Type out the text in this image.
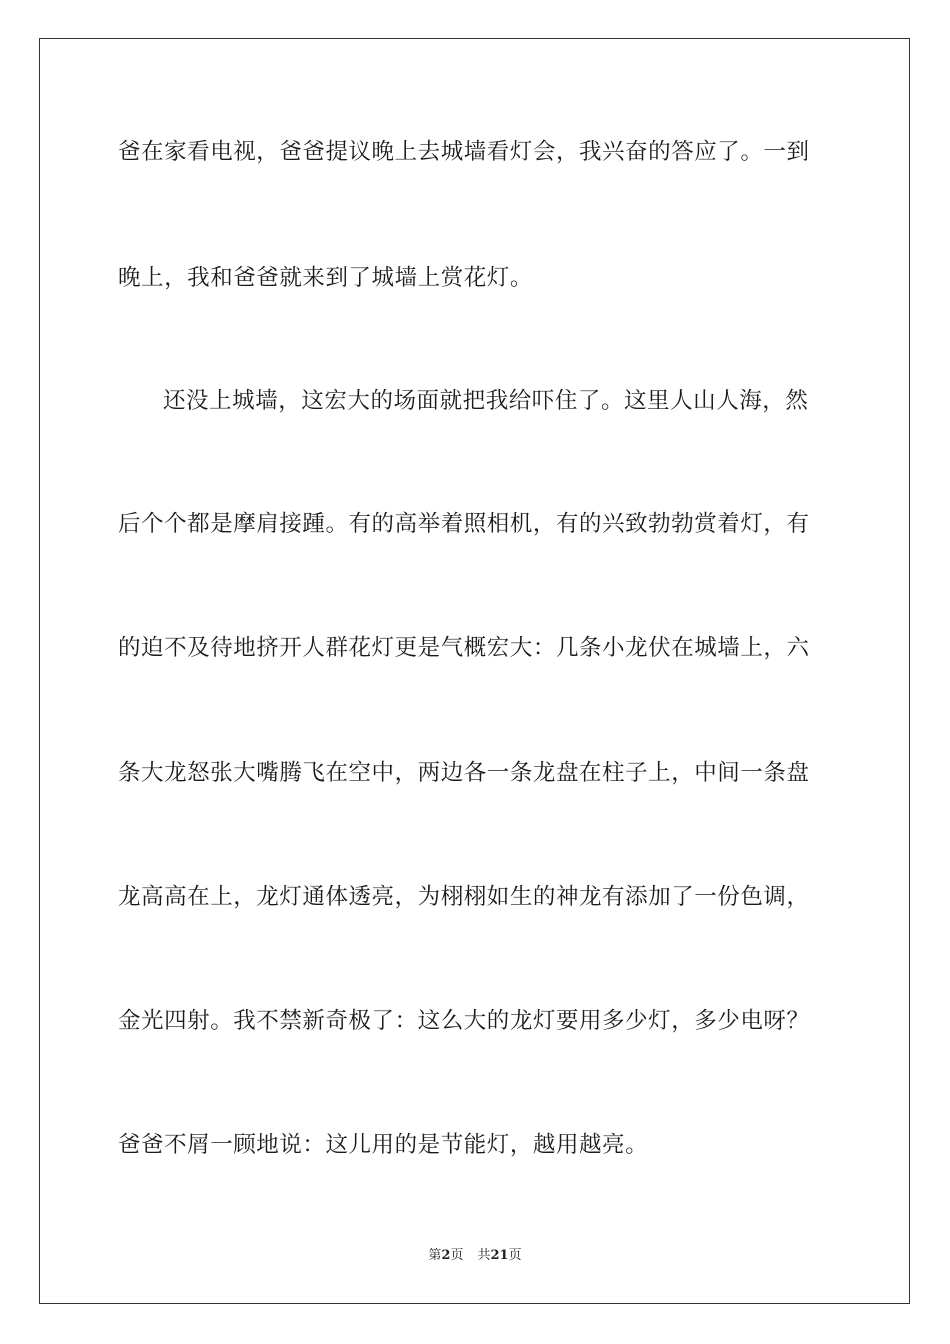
爸在家看电视，爸爸提议晚上去城墙看灯会，我兴奋的答应了。一到
晚上，我和爸爸就来到了城墙上赏花灯。
还没上城墙，这宏大的场面就把我给吓住了。这里人山人海，然
后个个都是摩肩接踵。有的高举着照相机，有的兴致勃勃赏着灯，有
的迫不及待地挤开人群花灯更是气概宏大：几条小龙伏在城墙上，六
条大龙怒张大嘴腾飞在空中，两边各一条龙盘在柱子上，中间一条盘
龙高高在上，龙灯通体透亮，为栩栩如生的神龙有添加了一份色调，
金光四射。我不禁新奇极了：这么大的龙灯要用多少灯，多少电呀？
爸爸不屑一顾地说：这儿用的是节能灯，越用越亮。
第2页 共21页
